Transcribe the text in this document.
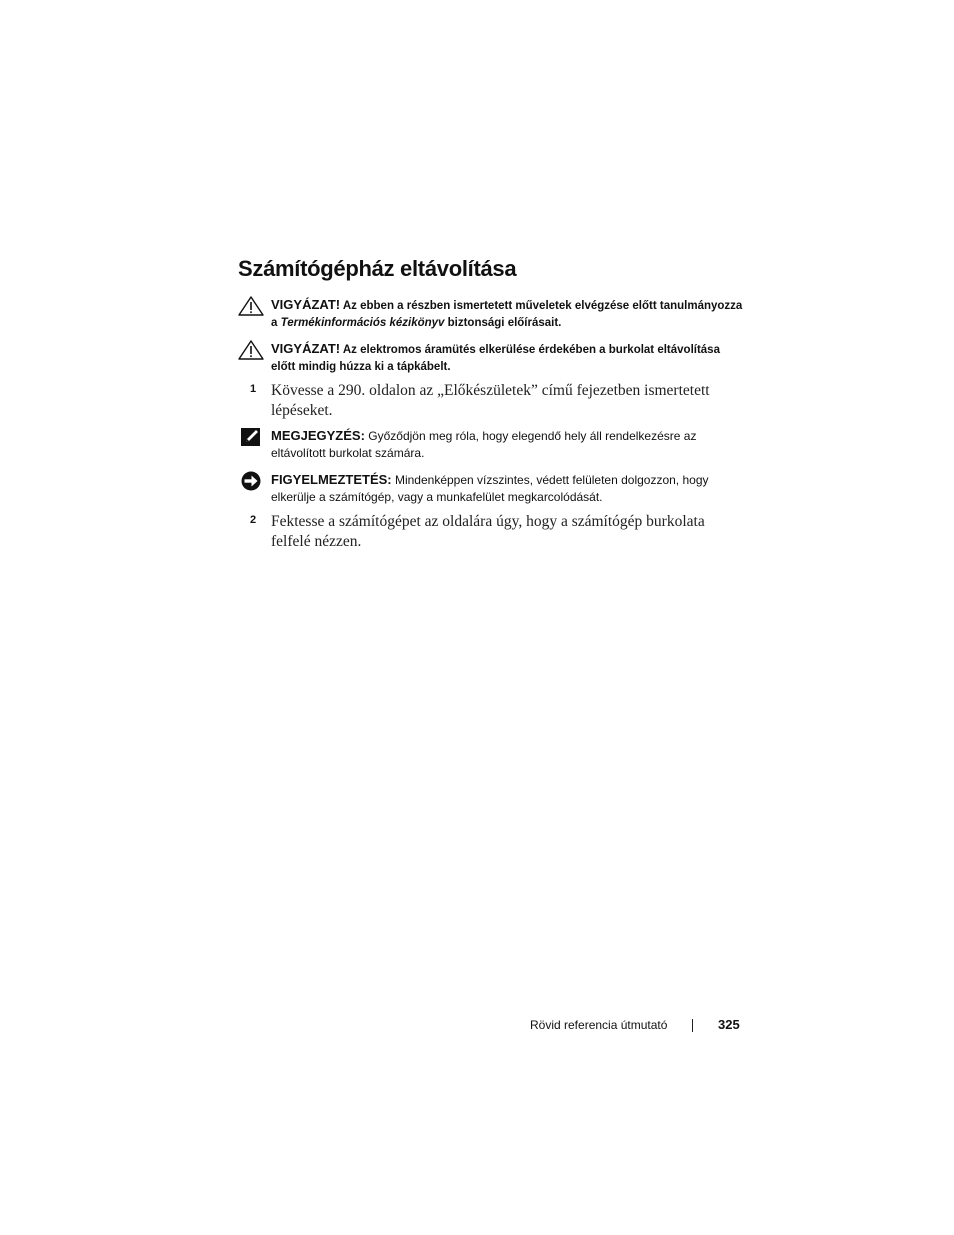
Számítógépház eltávolítása
VIGYÁZAT! Az ebben a részben ismertetett műveletek elvégzése előtt tanulmányozza a Termékinformációs kézikönyv biztonsági előírásait.
VIGYÁZAT! Az elektromos áramütés elkerülése érdekében a burkolat eltávolítása előtt mindig húzza ki a tápkábelt.
1 Kövesse a 290. oldalon az „Előkészületek” című fejezetben ismertetett lépéseket.
MEGJEGYZÉS: Győződjön meg róla, hogy elegendő hely áll rendelkezésre az eltávolított burkolat számára.
FIGYELMEZTETÉS: Mindenképpen vízszintes, védett felületen dolgozzon, hogy elkerülje a számítógép, vagy a munkafelület megkarcolódását.
2 Fektesse a számítógépet az oldalára úgy, hogy a számítógép burkolata felfelé nézzen.
Rövid referencia útmutató	325
